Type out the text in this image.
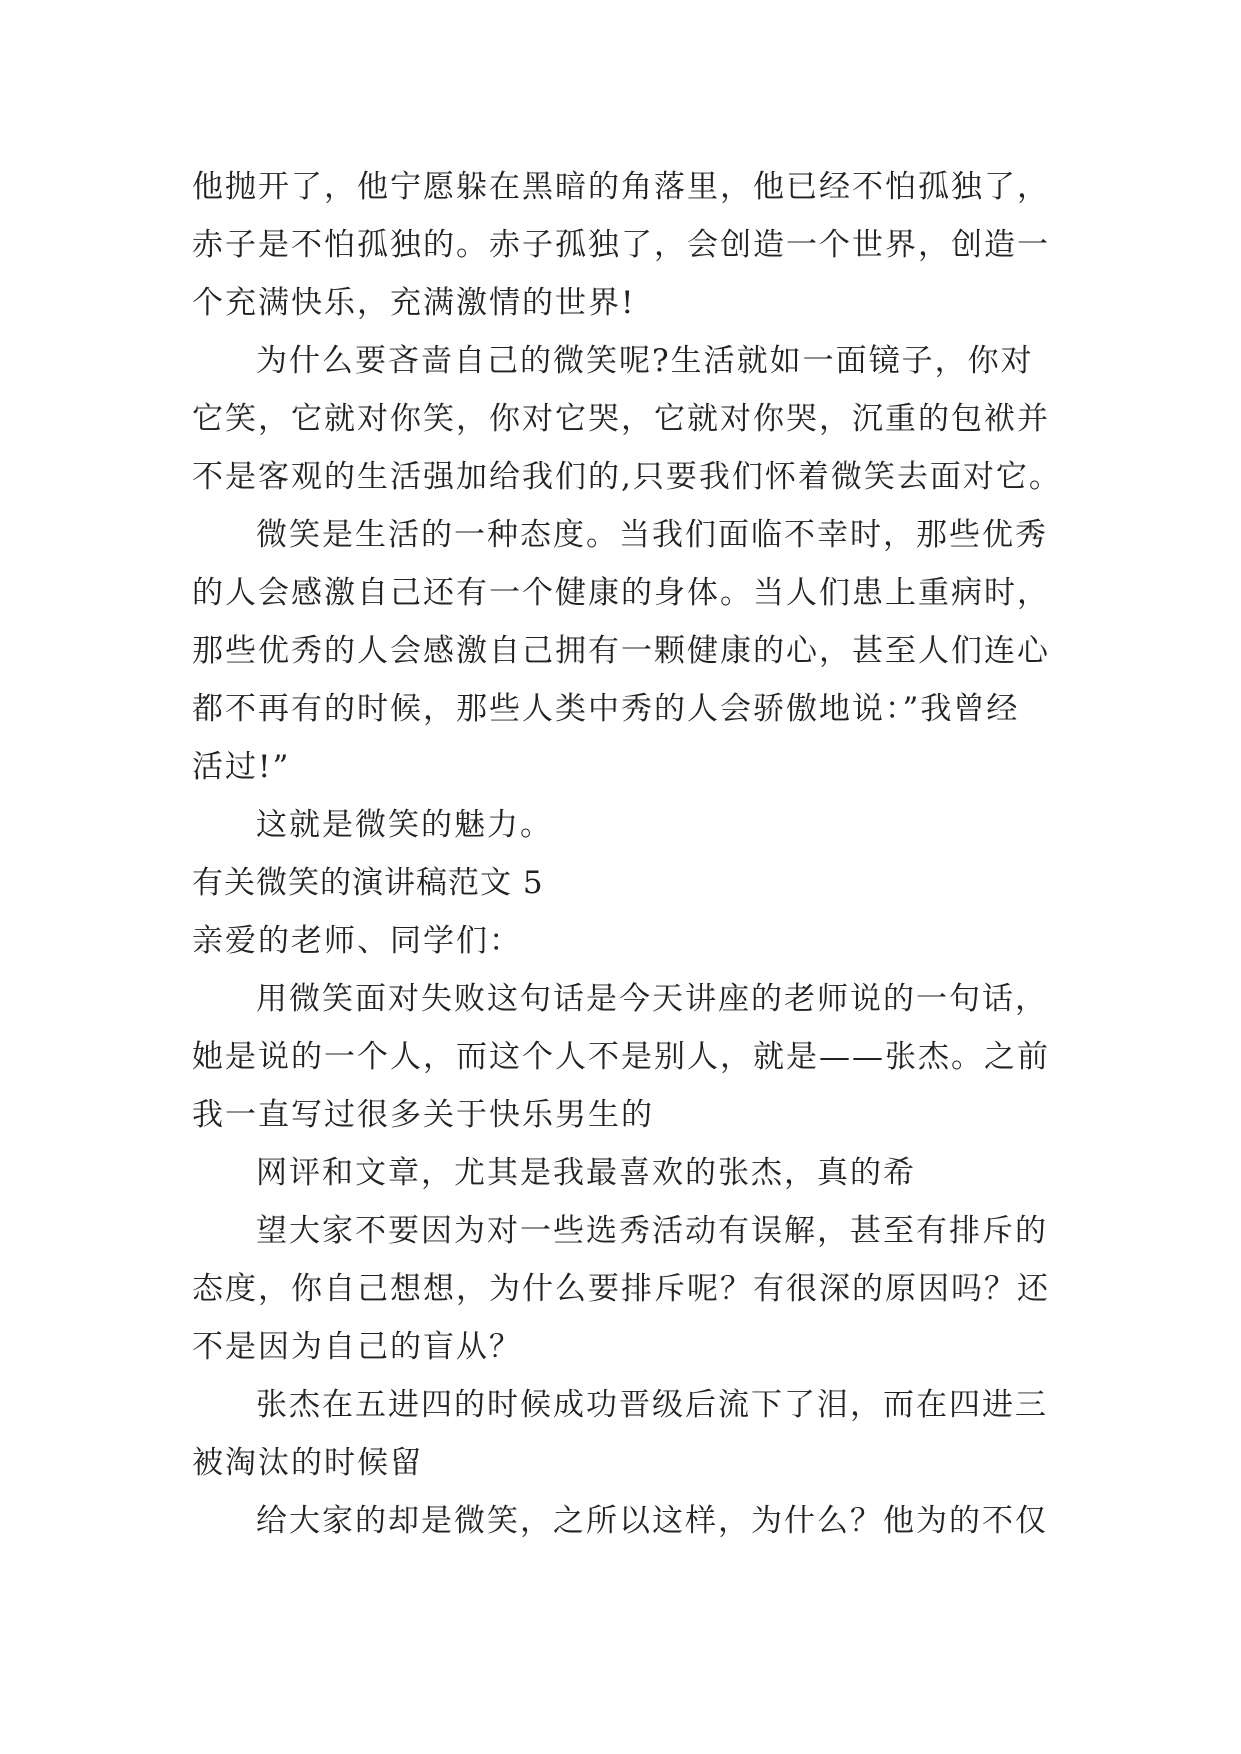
他抛开了，他宁愿躲在黑暗的角落里，他已经不怕孤独了，
赤子是不怕孤独的。赤子孤独了，会创造一个世界，创造一
个充满快乐，充满激情的世界!
为什么要吝啬自己的微笑呢?生活就如一面镜子，你对
它笑，它就对你笑，你对它哭，它就对你哭，沉重的包袱并
不是客观的生活强加给我们的,只要我们怀着微笑去面对它。
微笑是生活的一种态度。当我们面临不幸时，那些优秀
的人会感激自己还有一个健康的身体。当人们患上重病时，
那些优秀的人会感激自己拥有一颗健康的心，甚至人们连心
都不再有的时候，那些人类中秀的人会骄傲地说：”我曾经
活过!”
这就是微笑的魅力。
有关微笑的演讲稿范文 5
亲爱的老师、同学们：
用微笑面对失败这句话是今天讲座的老师说的一句话，
她是说的一个人，而这个人不是别人，就是——张杰。之前
我一直写过很多关于快乐男生的
网评和文章，尤其是我最喜欢的张杰，真的希
望大家不要因为对一些选秀活动有误解，甚至有排斥的
态度，你自己想想，为什么要排斥呢？有很深的原因吗？还
不是因为自己的盲从？
张杰在五进四的时候成功晋级后流下了泪，而在四进三
被淘汰的时候留
给大家的却是微笑，之所以这样，为什么？他为的不仅
